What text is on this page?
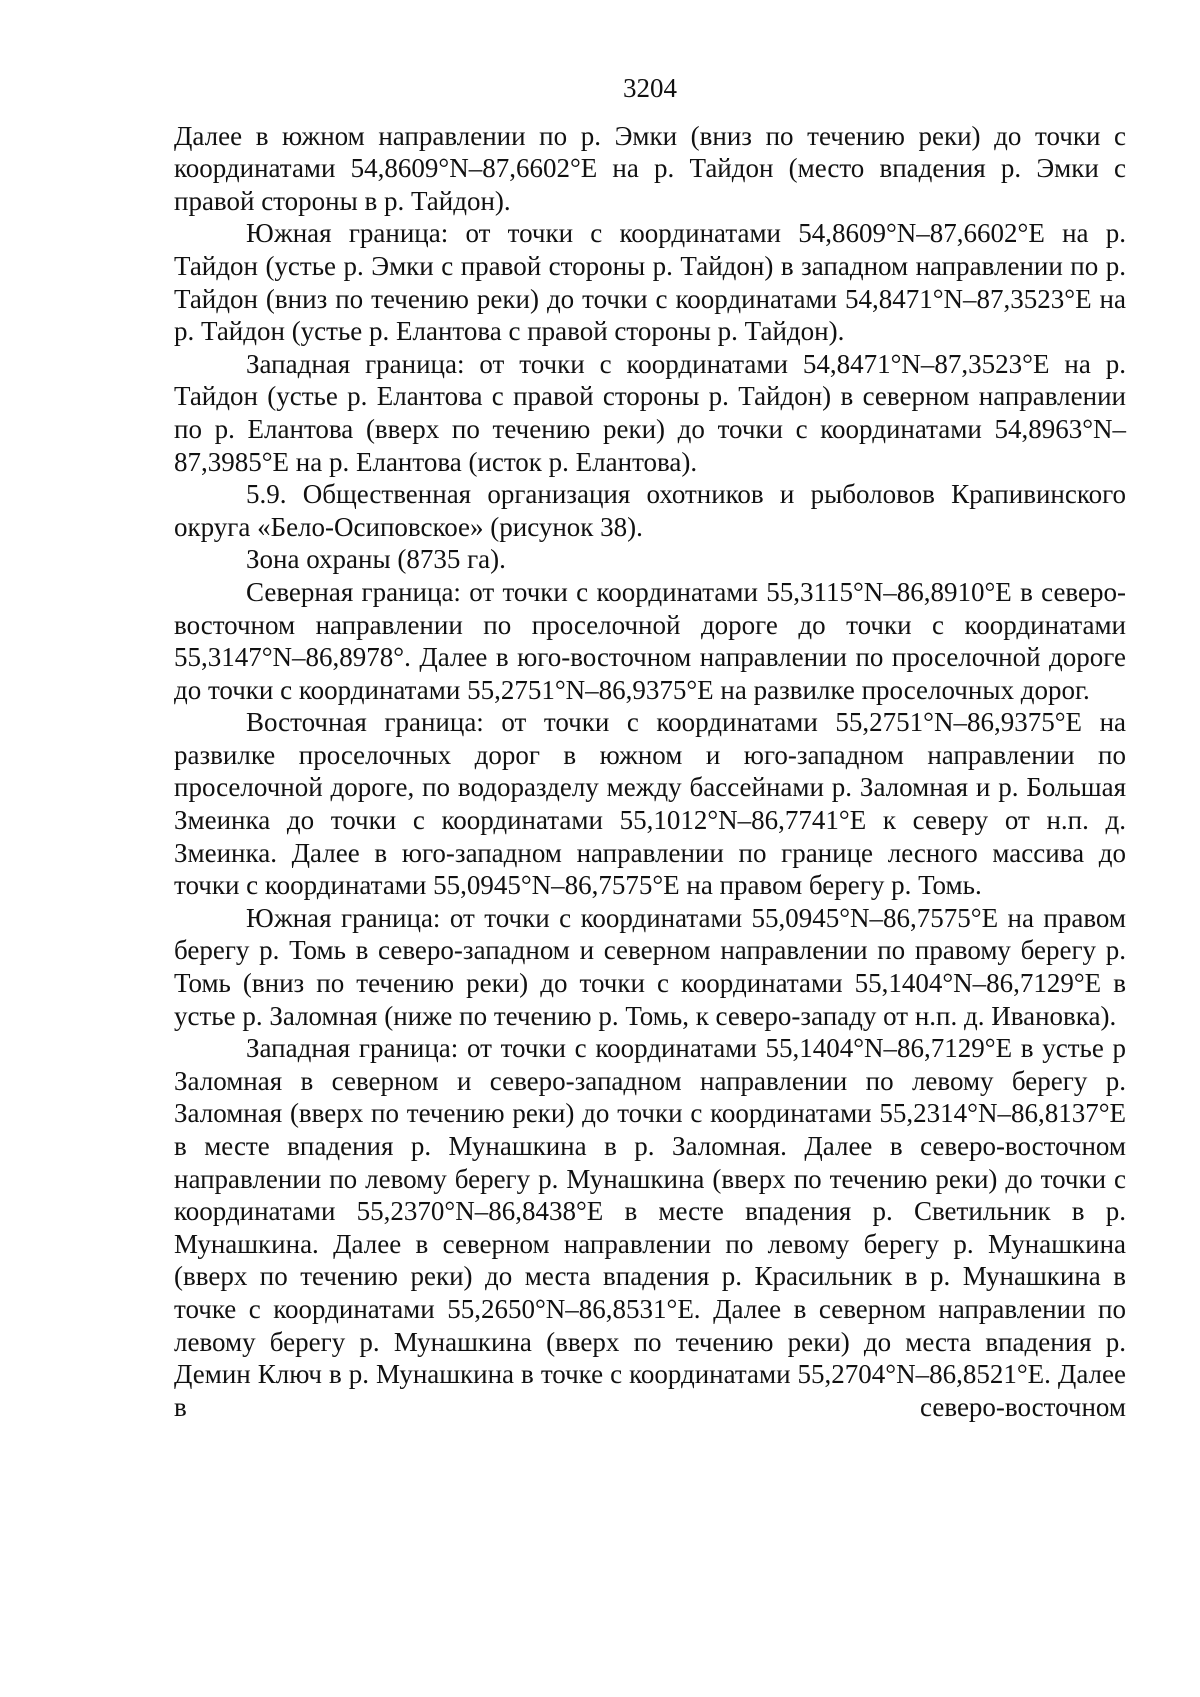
3204

Далее в южном направлении по р. Эмки (вниз по течению реки) до точки с координатами 54,8609°N–87,6602°E на р. Тайдон (место впадения р. Эмки с правой стороны в р. Тайдон).

Южная граница: от точки с координатами 54,8609°N–87,6602°E на р. Тайдон (устье р. Эмки с правой стороны р. Тайдон) в западном направлении по р. Тайдон (вниз по течению реки) до точки с координатами 54,8471°N–87,3523°E на р. Тайдон (устье р. Елантова с правой стороны р. Тайдон).

Западная граница: от точки с координатами 54,8471°N–87,3523°E на р. Тайдон (устье р. Елантова с правой стороны р. Тайдон) в северном направлении по р. Елантова (вверх по течению реки) до точки с координатами 54,8963°N–87,3985°E на р. Елантова (исток р. Елантова).

5.9. Общественная организация охотников и рыболовов Крапивинского округа «Бело-Осиповское» (рисунок 38).

Зона охраны (8735 га).

Северная граница: от точки с координатами 55,3115°N–86,8910°E в северо-восточном направлении по проселочной дороге до точки с координатами 55,3147°N–86,8978°. Далее в юго-восточном направлении по проселочной дороге до точки с координатами 55,2751°N–86,9375°E на развилке проселочных дорог.

Восточная граница: от точки с координатами 55,2751°N–86,9375°E на развилке проселочных дорог в южном и юго-западном направлении по проселочной дороге, по водоразделу между бассейнами р. Заломная и р. Большая Змеинка до точки с координатами 55,1012°N–86,7741°E к северу от н.п. д. Змеинка. Далее в юго-западном направлении по границе лесного массива до точки с координатами 55,0945°N–86,7575°E на правом берегу р. Томь.

Южная граница: от точки с координатами 55,0945°N–86,7575°E на правом берегу р. Томь в северо-западном и северном направлении по правому берегу р. Томь (вниз по течению реки) до точки с координатами 55,1404°N–86,7129°E в устье р. Заломная (ниже по течению р. Томь, к северо-западу от н.п. д. Ивановка).

Западная граница: от точки с координатами 55,1404°N–86,7129°E в устье р Заломная в северном и северо-западном направлении по левому берегу р. Заломная (вверх по течению реки) до точки с координатами 55,2314°N–86,8137°E в месте впадения р. Мунашкина в р. Заломная. Далее в северо-восточном направлении по левому берегу р. Мунашкина (вверх по течению реки) до точки с координатами 55,2370°N–86,8438°E в месте впадения р. Светильник в р. Мунашкина. Далее в северном направлении по левому берегу р. Мунашкина (вверх по течению реки) до места впадения р. Красильник в р. Мунашкина в точке с координатами 55,2650°N–86,8531°E. Далее в северном направлении по левому берегу р. Мунашкина (вверх по течению реки) до места впадения р. Демин Ключ в р. Мунашкина в точке с координатами 55,2704°N–86,8521°E. Далее в северо-восточном
